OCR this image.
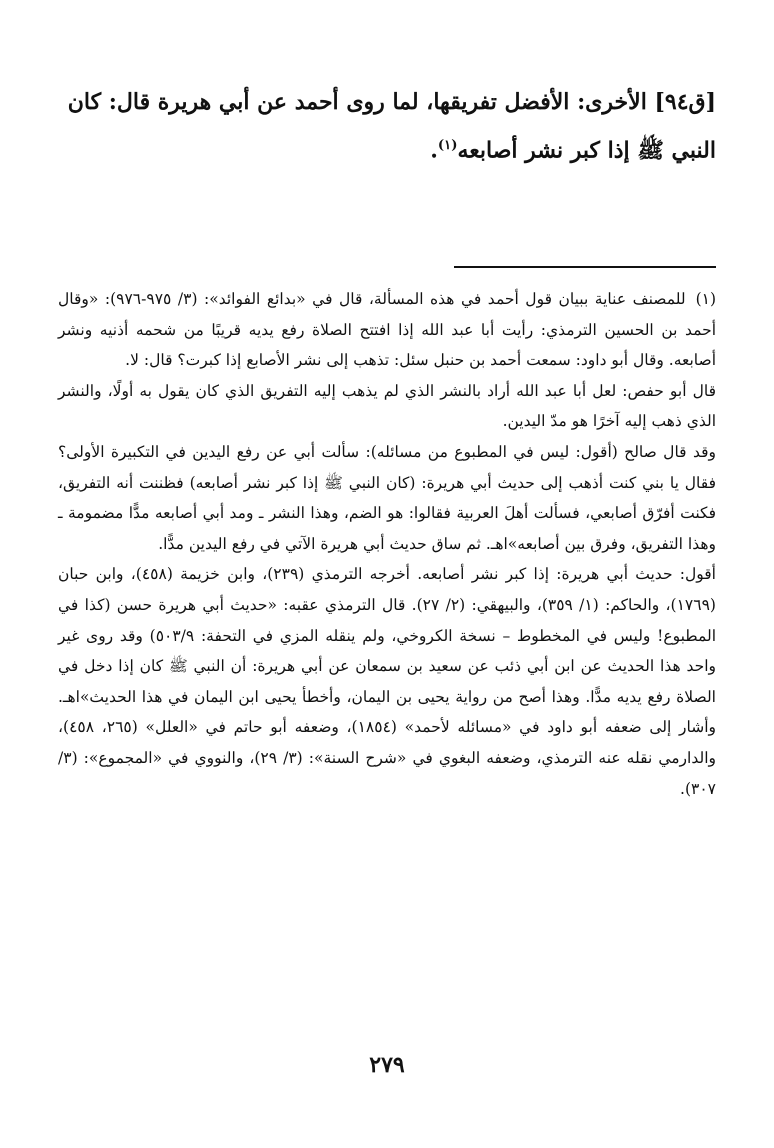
[ق٩٤] الأخرى: الأفضل تفريقها، لما روى أحمد عن أبي هريرة قال: كان

النبي ﷺ إذا كبر نشر أصابعه$^{(١)}$.

(١)للمصنف عناية ببيان قول أحمد في هذه المسألة، قال في «بدائع الفوائد»: (٣/ ٩٧٥-٩٧٦): «وقال أحمد بن الحسين الترمذي: رأيت أبا عبد الله إذا افتتح الصلاة رفع يديه قريبًا من شحمه أذنيه ونشر أصابعه. وقال أبو داود: سمعت أحمد بن حنبل سئل: تذهب إلى نشر الأصابع إذا كبرت؟ قال: لا.

قال أبو حفص: لعل أبا عبد الله أراد بالنشر الذي لم يذهب إليه التفريق الذي كان يقول به أولًا، والنشر الذي ذهب إليه آخرًا هو مدّ اليدين.

وقد قال صالح (أقول: ليس في المطبوع من مسائله): سألت أبي عن رفع اليدين في التكبيرة الأولى؟ فقال يا بني كنت أذهب إلى حديث أبي هريرة: (كان النبي ﷺ إذا كبر نشر أصابعه) فظننت أنه التفريق، فكنت أفرّق أصابعي، فسألت أهلَ العربية فقالوا: هو الضم، وهذا النشر ـ ومد أبي أصابعه مدًّا مضمومة ـ وهذا التفريق، وفرق بين أصابعه»اهـ. ثم ساق حديث أبي هريرة الآتي في رفع اليدين مدًّا.

أقول: حديث أبي هريرة: إذا كبر نشر أصابعه. أخرجه الترمذي (٢٣٩)، وابن خزيمة (٤٥٨)، وابن حبان (١٧٦٩)، والحاكم: (١/ ٣٥٩)، والبيهقي: (٢/ ٢٧). قال الترمذي عقبه: «حديث أبي هريرة حسن (كذا في المطبوع! وليس في المخطوط – نسخة الكروخي، ولم ينقله المزي في التحفة: ٥٠٣/٩) وقد روى غير واحد هذا الحديث عن ابن أبي ذئب عن سعيد بن سمعان عن أبي هريرة: أن النبي ﷺ كان إذا دخل في الصلاة رفع يديه مدًّا. وهذا أصح من رواية يحيى بن اليمان، وأخطأ يحيى ابن اليمان في هذا الحديث»اهـ. وأشار إلى ضعفه أبو داود في «مسائله لأحمد» (١٨٥٤)، وضعفه أبو حاتم في «العلل» (٢٦٥، ٤٥٨)، والدارمي نقله عنه الترمذي، وضعفه البغوي في «شرح السنة»: (٣/ ٢٩)، والنووي في «المجموع»: (٣/ ٣٠٧).

٢٧٩
